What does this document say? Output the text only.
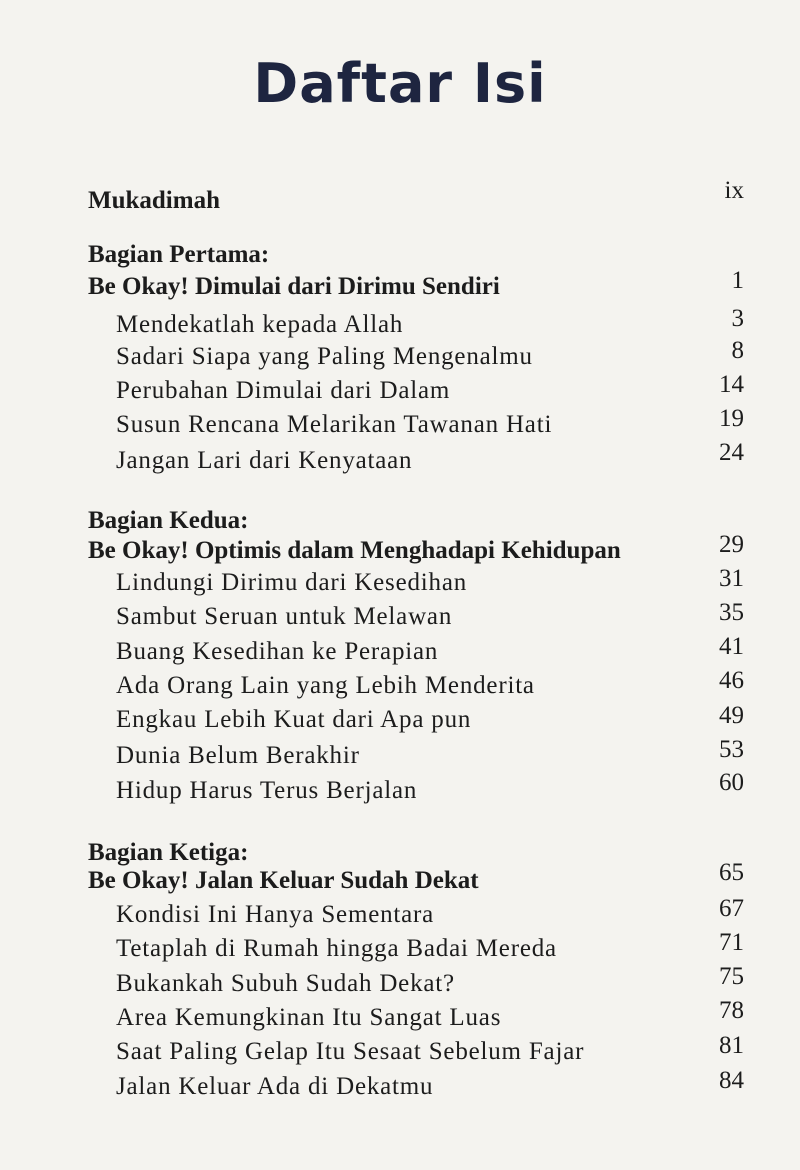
Daftar Isi
Mukadimah	ix
Bagian Pertama:
Be Okay! Dimulai dari Dirimu Sendiri	1
Mendekatlah kepada Allah	3
Sadari Siapa yang Paling Mengenalmu	8
Perubahan Dimulai dari Dalam	14
Susun Rencana Melarikan Tawanan Hati	19
Jangan Lari dari Kenyataan	24
Bagian Kedua:
Be Okay! Optimis dalam Menghadapi Kehidupan	29
Lindungi Dirimu dari Kesedihan	31
Sambut Seruan untuk Melawan	35
Buang Kesedihan ke Perapian	41
Ada Orang Lain yang Lebih Menderita	46
Engkau Lebih Kuat dari Apa pun	49
Dunia Belum Berakhir	53
Hidup Harus Terus Berjalan	60
Bagian Ketiga:
Be Okay! Jalan Keluar Sudah Dekat	65
Kondisi Ini Hanya Sementara	67
Tetaplah di Rumah hingga Badai Mereda	71
Bukankah Subuh Sudah Dekat?	75
Area Kemungkinan Itu Sangat Luas	78
Saat Paling Gelap Itu Sesaat Sebelum Fajar	81
Jalan Keluar Ada di Dekatmu	84
